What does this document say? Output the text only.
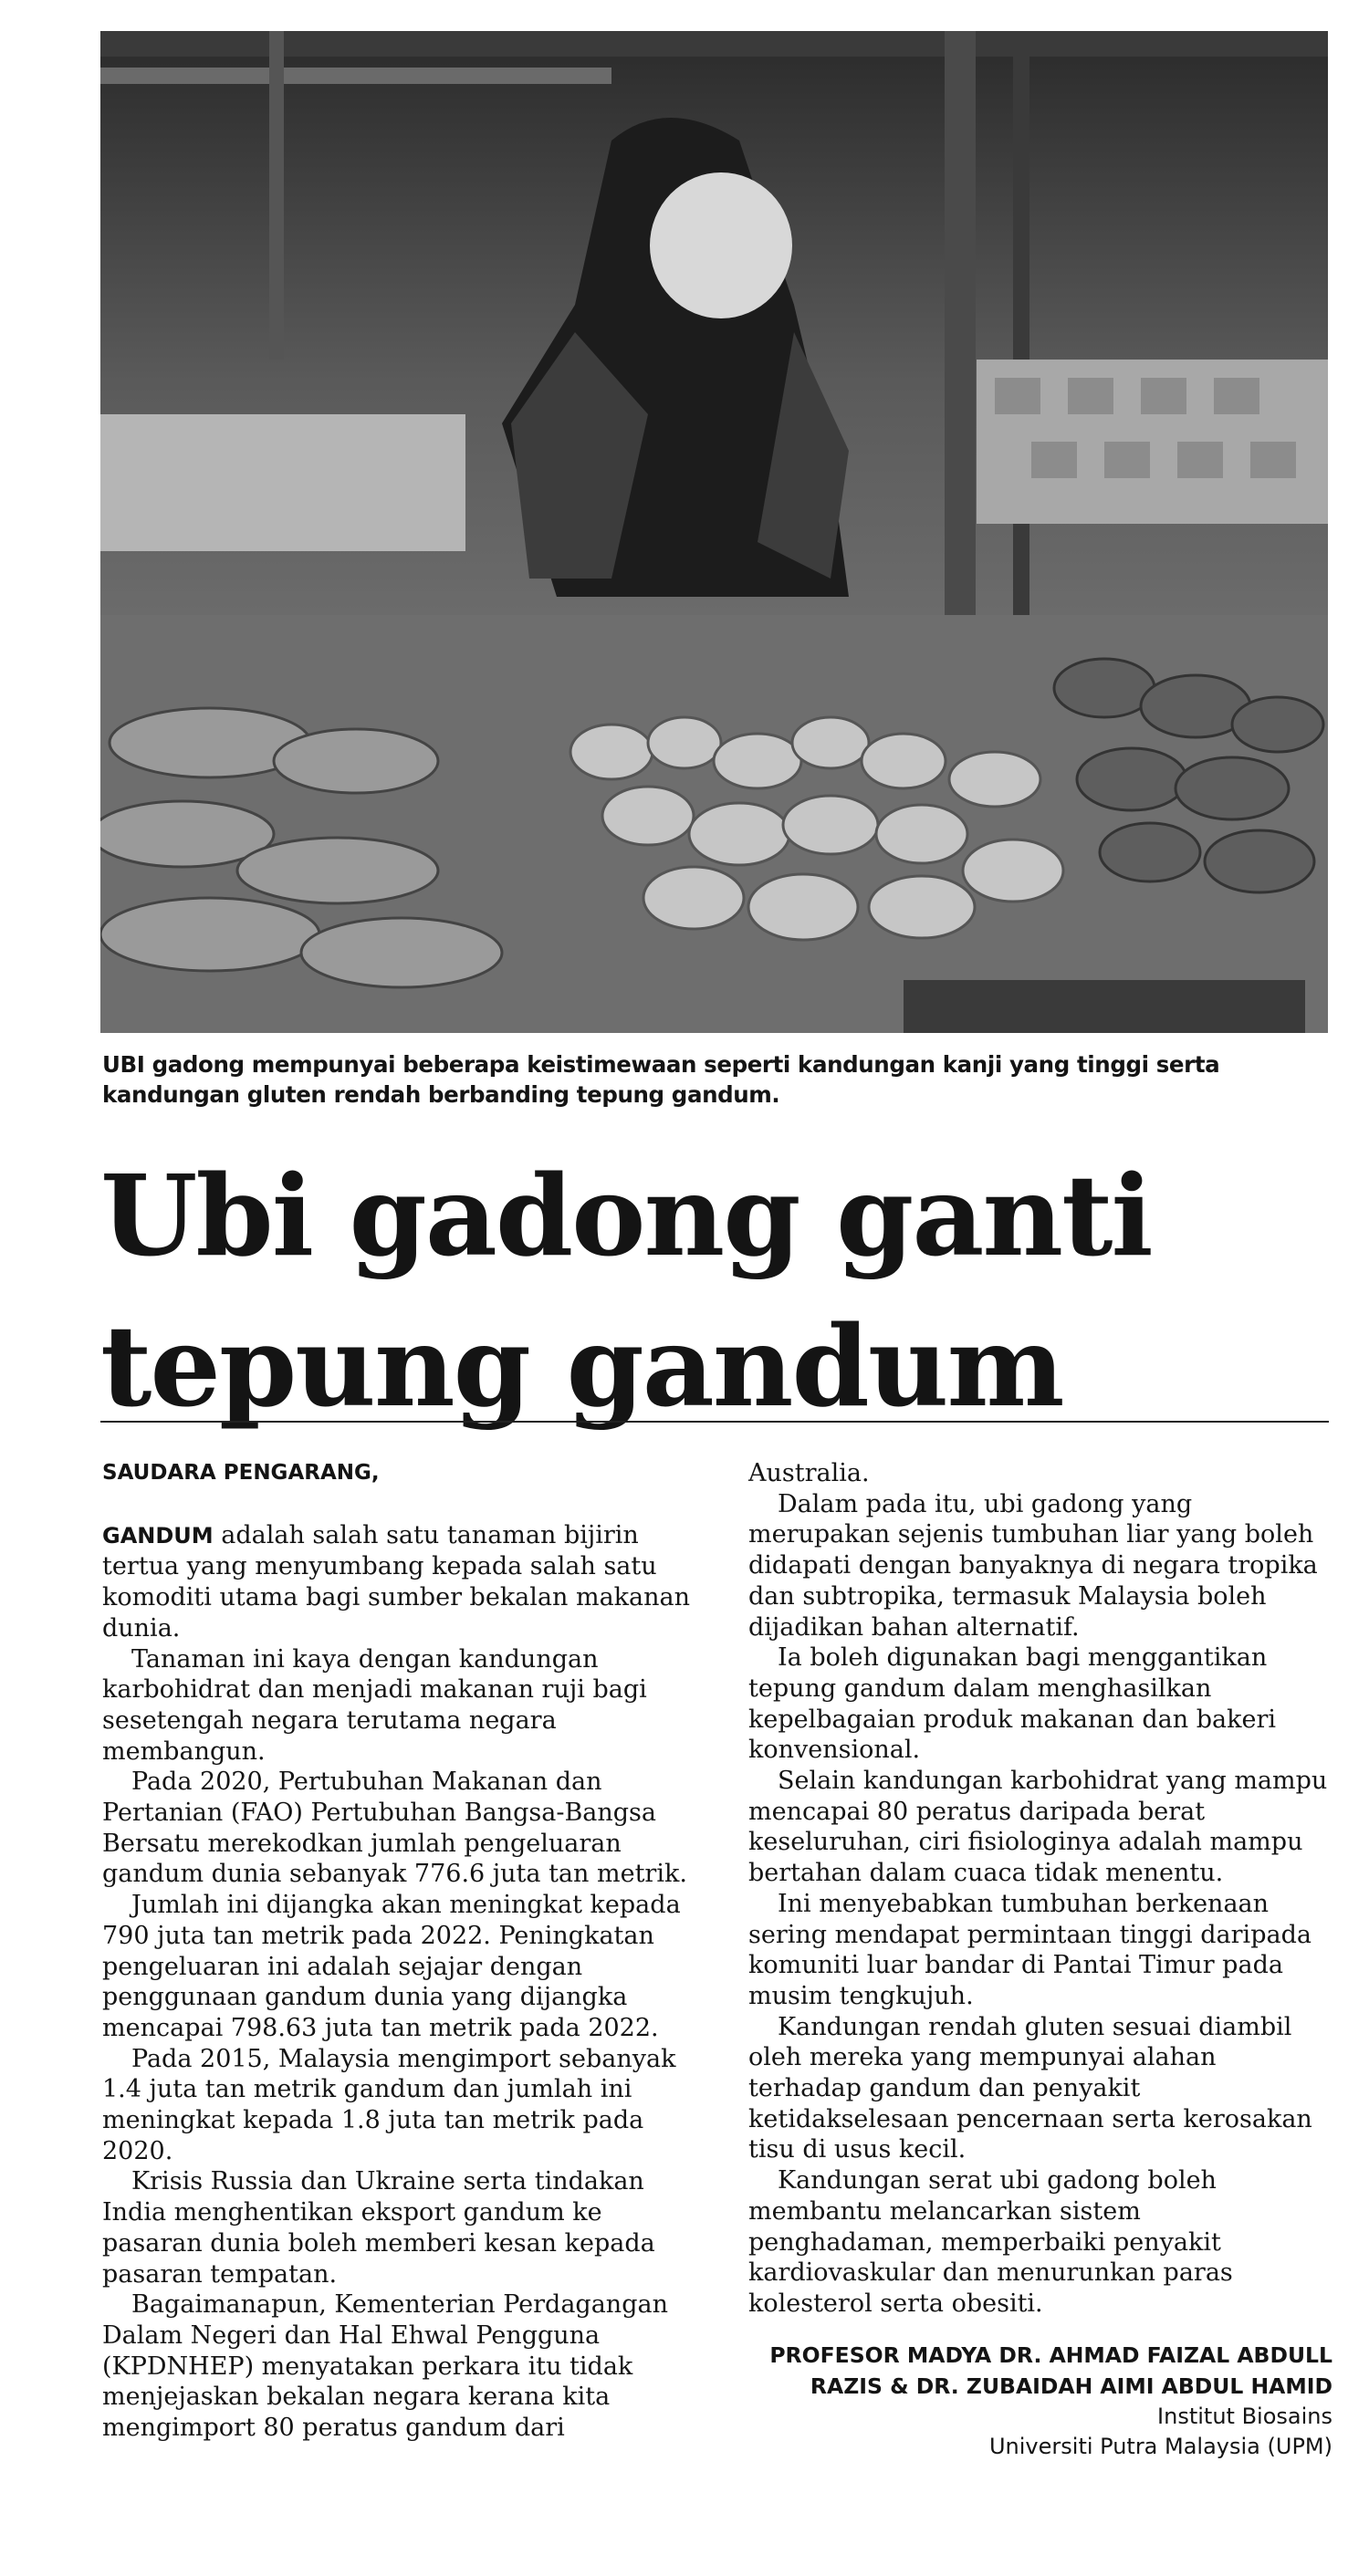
UBI gadong mempunyai beberapa keistimewaan seperti kandungan kanji yang tinggi serta kandungan gluten rendah berbanding tepung gandum.

Ubi gadong ganti
tepung gandum
SAUDARA PENGARANG,

GANDUM adalah salah satu tanaman bijirin tertua yang menyumbang kepada salah satu komoditi utama bagi sumber bekalan makanan dunia.

Tanaman ini kaya dengan kandungan karbohidrat dan menjadi makanan ruji bagi sesetengah negara terutama negara membangun.

Pada 2020, Pertubuhan Makanan dan Pertanian (FAO) Pertubuhan Bangsa-Bangsa Bersatu merekodkan jumlah pengeluaran gandum dunia sebanyak 776.6 juta tan metrik.

Jumlah ini dijangka akan meningkat kepada 790 juta tan metrik pada 2022. Peningkatan pengeluaran ini adalah sejajar dengan penggunaan gandum dunia yang dijangka mencapai 798.63 juta tan metrik pada 2022.

Pada 2015, Malaysia mengimport sebanyak 1.4 juta tan metrik gandum dan jumlah ini meningkat kepada 1.8 juta tan metrik pada 2020.

Krisis Russia dan Ukraine serta tindakan India menghentikan eksport gandum ke pasaran dunia boleh memberi kesan kepada pasaran tempatan.

Bagaimanapun, Kementerian Perdagangan Dalam Negeri dan Hal Ehwal Pengguna (KPDNHEP) menyatakan perkara itu tidak menjejaskan bekalan negara kerana kita mengimport 80 peratus gandum dari

Australia.

Dalam pada itu, ubi gadong yang merupakan sejenis tumbuhan liar yang boleh didapati dengan banyaknya di negara tropika dan subtropika, termasuk Malaysia boleh dijadikan bahan alternatif.

Ia boleh digunakan bagi menggantikan tepung gandum dalam menghasilkan kepelbagaian produk makanan dan bakeri konvensional.

Selain kandungan karbohidrat yang mampu mencapai 80 peratus daripada berat keseluruhan, ciri fisiologinya adalah mampu bertahan dalam cuaca tidak menentu.

Ini menyebabkan tumbuhan berkenaan sering mendapat permintaan tinggi daripada komuniti luar bandar di Pantai Timur pada musim tengkujuh.

Kandungan rendah gluten sesuai diambil oleh mereka yang mempunyai alahan terhadap gandum dan penyakit ketidakselesaan pencernaan serta kerosakan tisu di usus kecil.

Kandungan serat ubi gadong boleh membantu melancarkan sistem penghadaman, memperbaiki penyakit kardiovaskular dan menurunkan paras kolesterol serta obesiti.

PROFESOR MADYA DR. AHMAD FAIZAL ABDULL RAZIS & DR. ZUBAIDAH AIMI ABDUL HAMID
Institut Biosains
Universiti Putra Malaysia (UPM)
